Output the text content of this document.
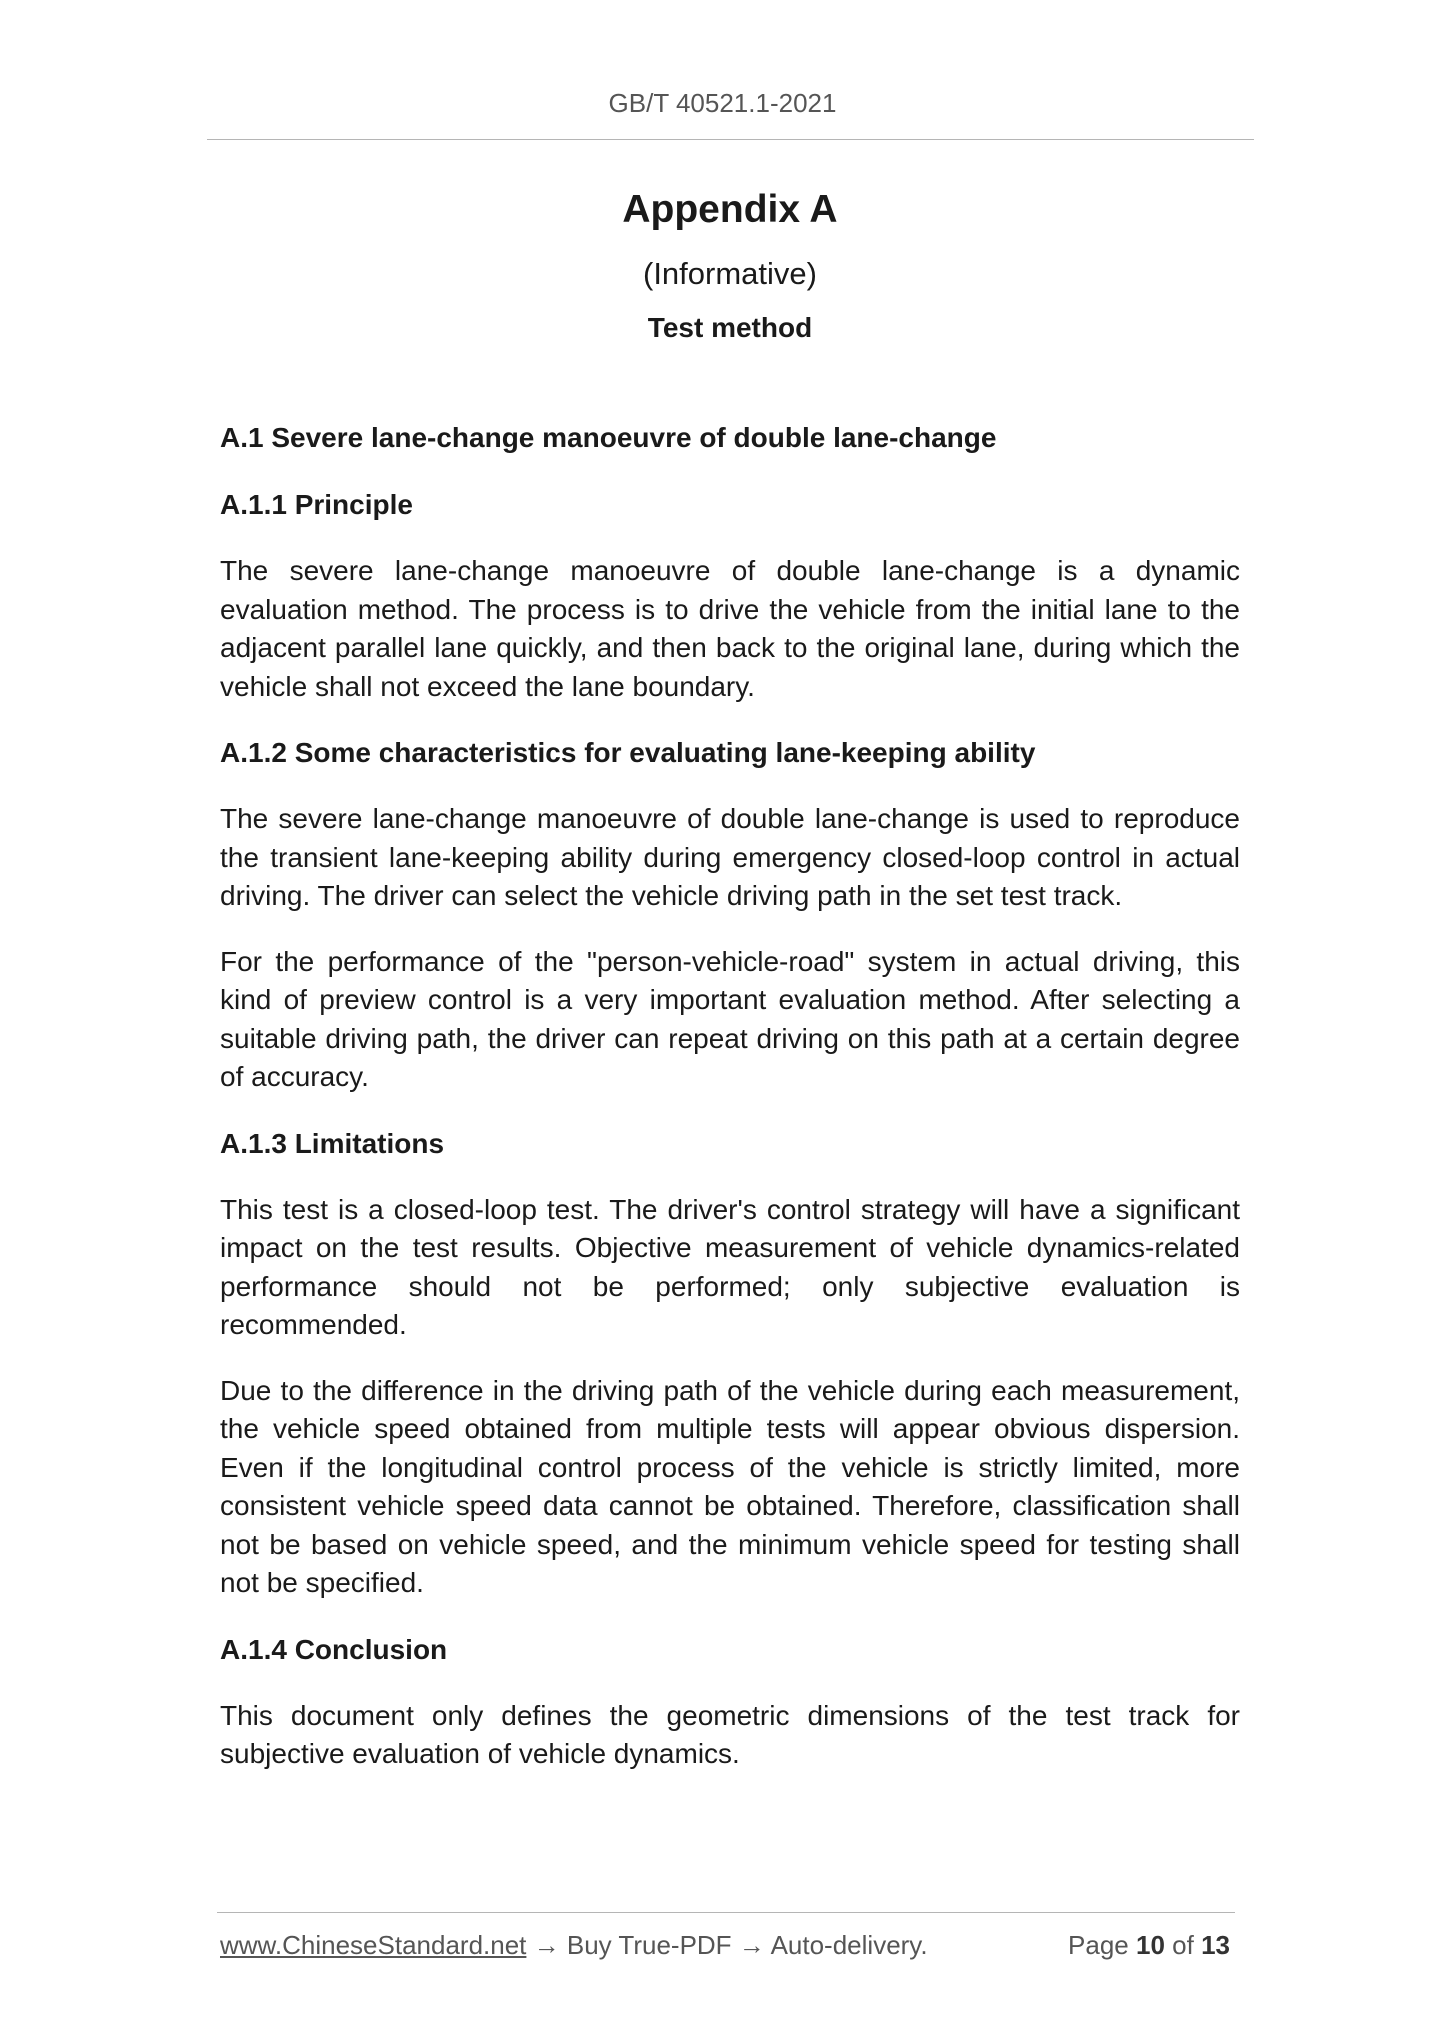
GB/T 40521.1-2021
Appendix A
(Informative)
Test method
A.1 Severe lane-change manoeuvre of double lane-change
A.1.1 Principle

The severe lane-change manoeuvre of double lane-change is a dynamic evaluation method. The process is to drive the vehicle from the initial lane to the adjacent parallel lane quickly, and then back to the original lane, during which the vehicle shall not exceed the lane boundary.

A.1.2 Some characteristics for evaluating lane-keeping ability

The severe lane-change manoeuvre of double lane-change is used to reproduce the transient lane-keeping ability during emergency closed-loop control in actual driving. The driver can select the vehicle driving path in the set test track.

For the performance of the "person-vehicle-road" system in actual driving, this kind of preview control is a very important evaluation method. After selecting a suitable driving path, the driver can repeat driving on this path at a certain degree of accuracy.

A.1.3 Limitations

This test is a closed-loop test. The driver's control strategy will have a significant impact on the test results. Objective measurement of vehicle dynamics-related performance should not be performed; only subjective evaluation is recommended.

Due to the difference in the driving path of the vehicle during each measurement, the vehicle speed obtained from multiple tests will appear obvious dispersion. Even if the longitudinal control process of the vehicle is strictly limited, more consistent vehicle speed data cannot be obtained. Therefore, classification shall not be based on vehicle speed, and the minimum vehicle speed for testing shall not be specified.

A.1.4 Conclusion

This document only defines the geometric dimensions of the test track for subjective evaluation of vehicle dynamics.

www.ChineseStandard.net → Buy True-PDF → Auto-delivery.	Page 10 of 13
